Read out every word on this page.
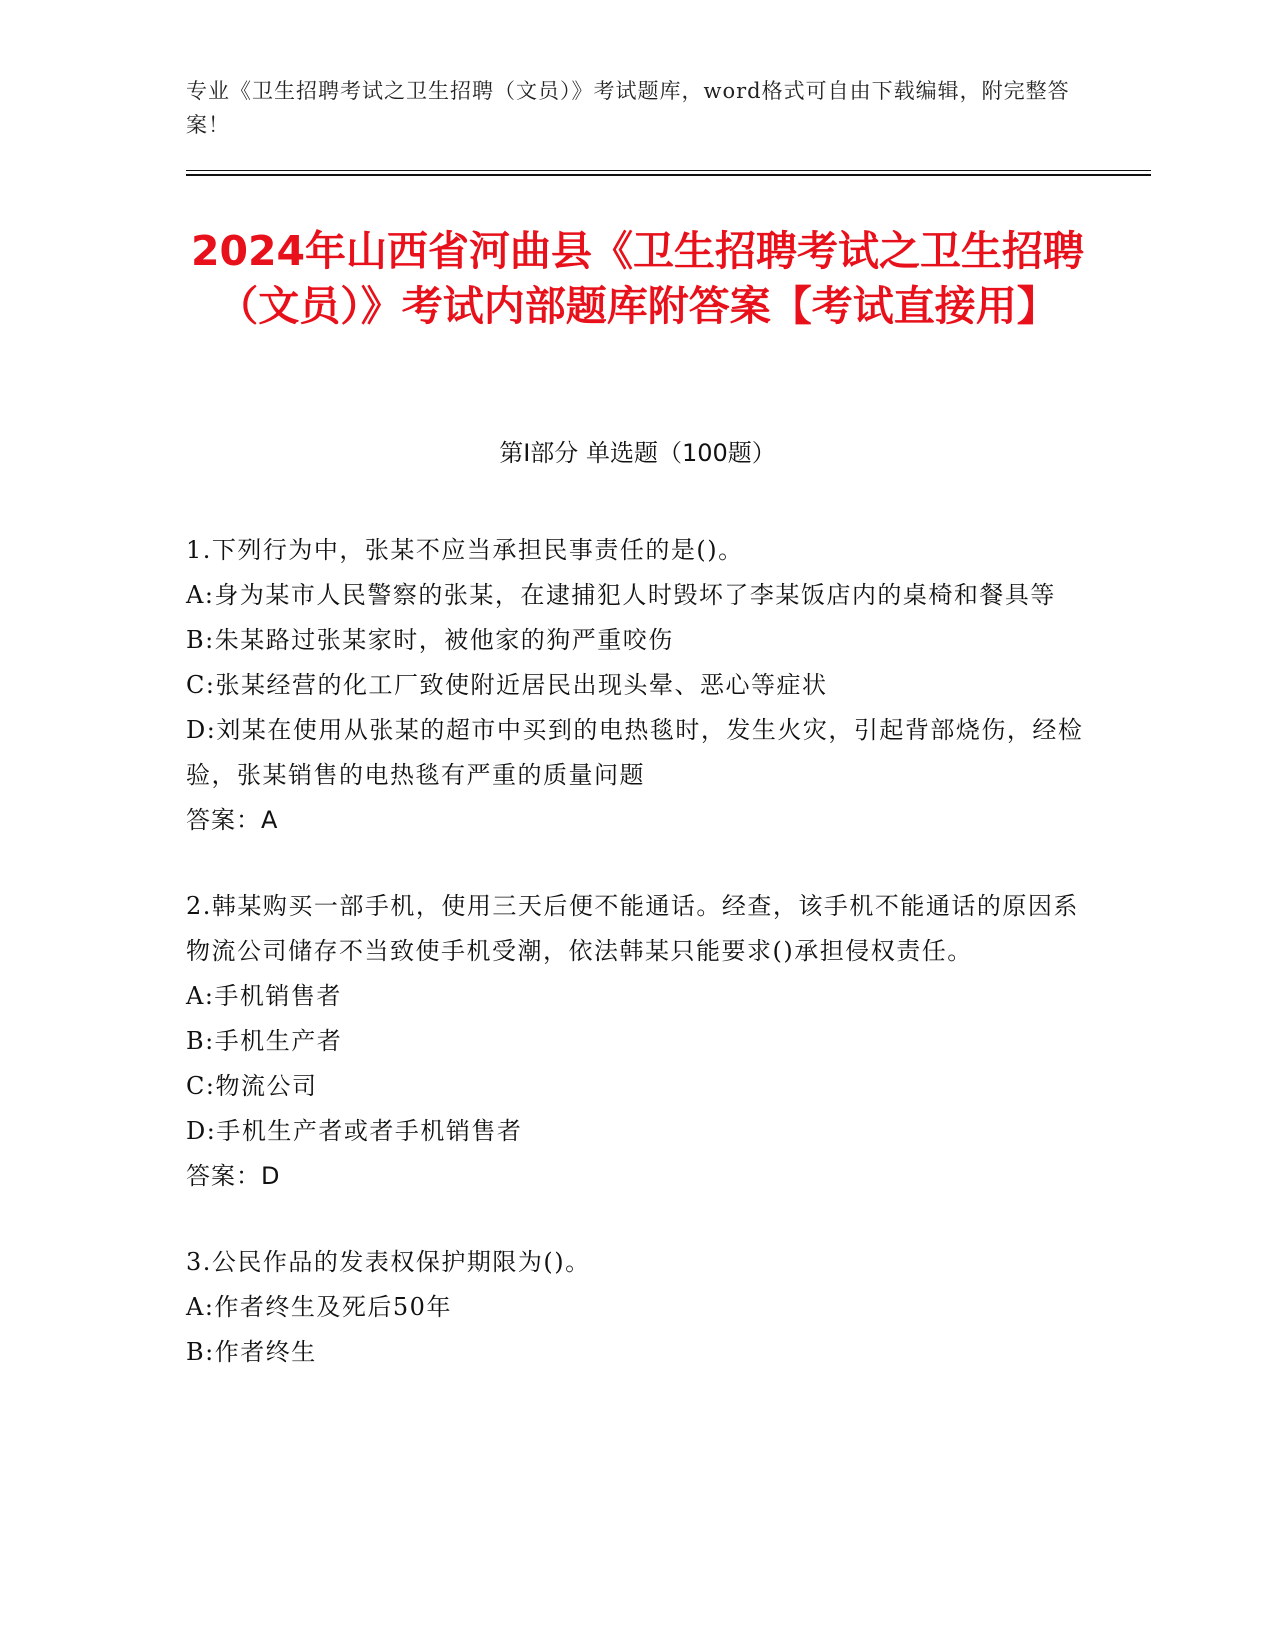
专业《卫生招聘考试之卫生招聘（文员）》考试题库，word格式可自由下载编辑，附完整答案！
2024年山西省河曲县《卫生招聘考试之卫生招聘（文员）》考试内部题库附答案【考试直接用】
第I部分 单选题（100题）
1.下列行为中，张某不应当承担民事责任的是()。
A:身为某市人民警察的张某，在逮捕犯人时毁坏了李某饭店内的桌椅和餐具等
B:朱某路过张某家时，被他家的狗严重咬伤
C:张某经营的化工厂致使附近居民出现头晕、恶心等症状
D:刘某在使用从张某的超市中买到的电热毯时，发生火灾，引起背部烧伤，经检验，张某销售的电热毯有严重的质量问题
答案：A
2.韩某购买一部手机，使用三天后便不能通话。经查，该手机不能通话的原因系物流公司储存不当致使手机受潮，依法韩某只能要求()承担侵权责任。
A:手机销售者
B:手机生产者
C:物流公司
D:手机生产者或者手机销售者
答案：D
3.公民作品的发表权保护期限为()。
A:作者终生及死后50年
B:作者终生
